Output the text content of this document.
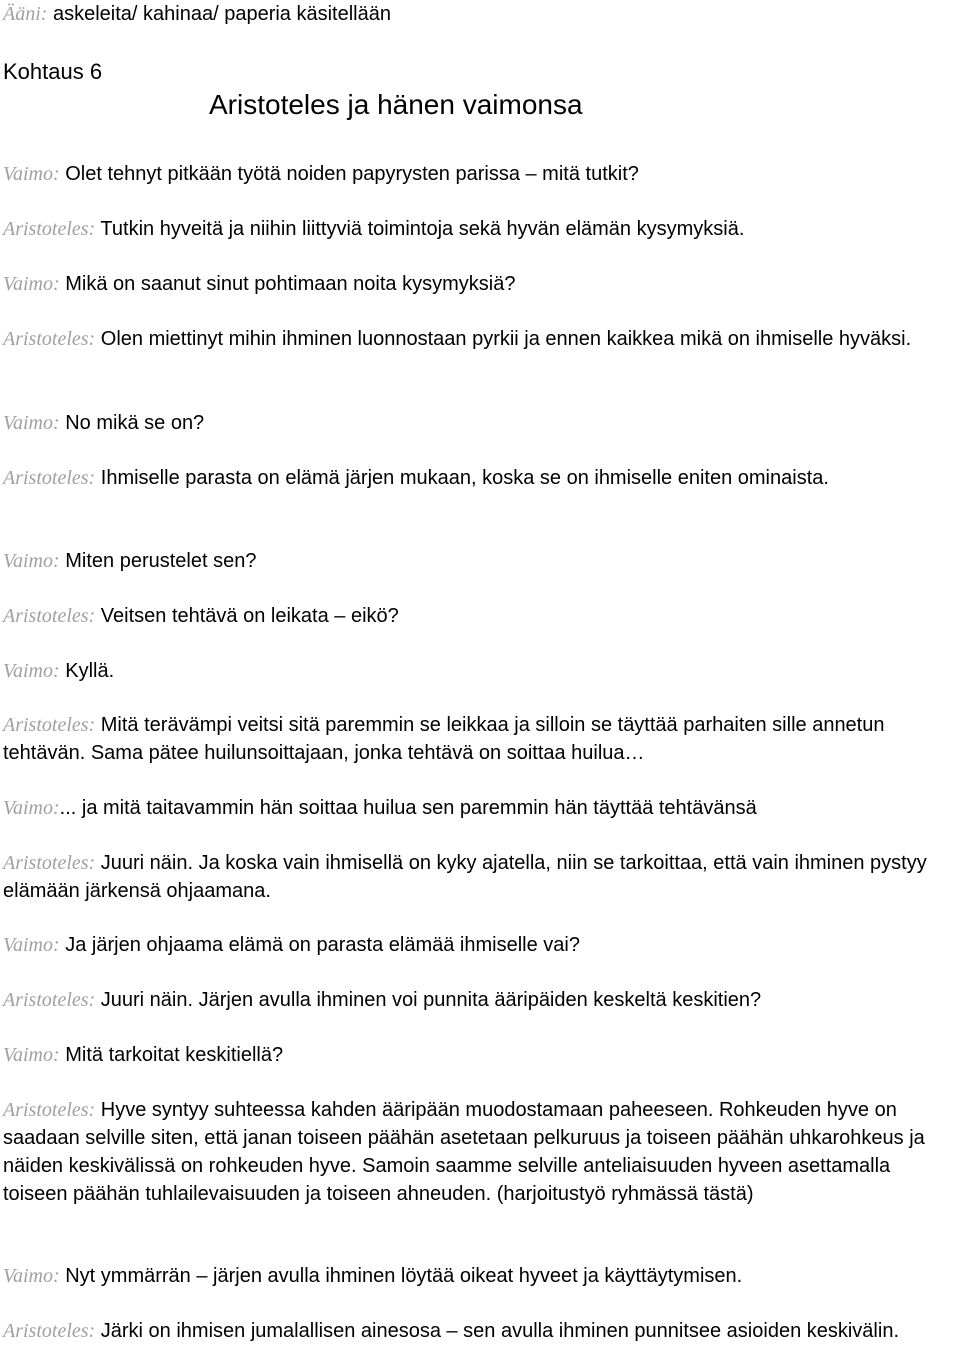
Ääni: askeleita/ kahinaa/ paperia käsitellään

Kohtaus 6
Aristoteles ja hänen vaimonsa

Vaimo: Olet tehnyt pitkään työtä noiden papyrysten parissa – mitä tutkit?

Aristoteles: Tutkin hyveitä ja niihin liittyviä toimintoja sekä hyvän elämän kysymyksiä.

Vaimo: Mikä on saanut sinut pohtimaan noita kysymyksiä?

Aristoteles: Olen miettinyt mihin ihminen luonnostaan pyrkii ja ennen kaikkea mikä on ihmiselle hyväksi.

Vaimo: No mikä se on?

Aristoteles: Ihmiselle parasta on elämä järjen mukaan, koska se on ihmiselle eniten ominaista.

Vaimo: Miten perustelet sen?

Aristoteles: Veitsen tehtävä on leikata – eikö?

Vaimo: Kyllä.

Aristoteles: Mitä terävämpi veitsi sitä paremmin se leikkaa ja silloin se täyttää parhaiten sille annetun tehtävän. Sama pätee huilunsoittajaan, jonka tehtävä on soittaa huilua…

Vaimo:... ja mitä taitavammin hän soittaa huilua sen paremmin hän täyttää tehtävänsä

Aristoteles: Juuri näin. Ja koska vain ihmisellä on kyky ajatella, niin se tarkoittaa, että vain ihminen pystyy elämään järkensä ohjaamana.

Vaimo: Ja järjen ohjaama elämä on parasta elämää ihmiselle vai?

Aristoteles: Juuri näin. Järjen avulla ihminen voi punnita ääripäiden keskeltä keskitien?

Vaimo: Mitä tarkoitat keskitiellä?

Aristoteles: Hyve syntyy suhteessa kahden ääripään muodostamaan paheeseen. Rohkeuden hyve on saadaan selville siten, että janan toiseen päähän asetetaan pelkuruus ja toiseen päähän uhkarohkeus ja näiden keskivälissä on rohkeuden hyve. Samoin saamme selville anteliaisuuden hyveen asettamalla toiseen päähän tuhlailevaisuuden ja toiseen ahneuden. (harjoitustyö ryhmässä tästä)

Vaimo: Nyt ymmärrän – järjen avulla ihminen löytää oikeat hyveet ja käyttäytymisen.

Aristoteles: Järki on ihmisen jumalallisen ainesosa – sen avulla ihminen punnitsee asioiden keskivälin.
